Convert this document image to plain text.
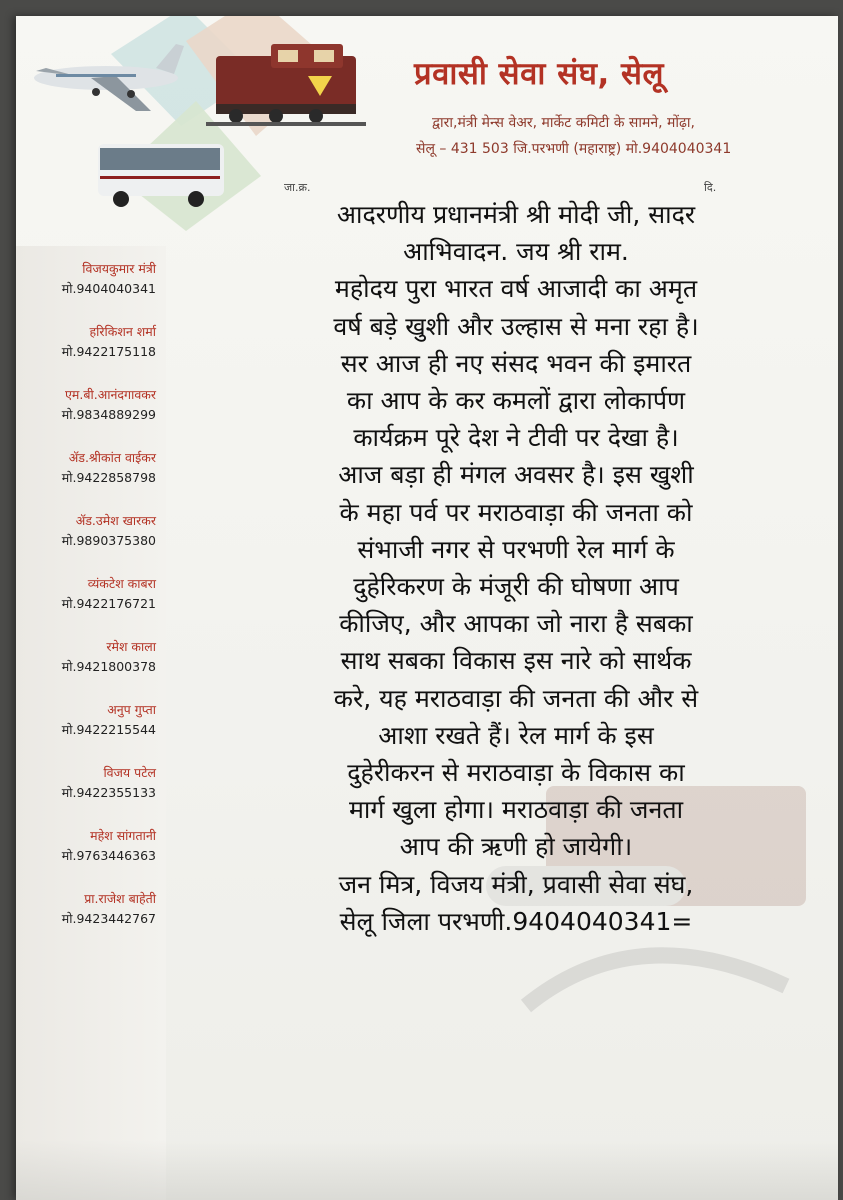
प्रवासी सेवा संघ, सेलू
द्वारा,मंत्री मेन्स वेअर, मार्केट कमिटी के सामने, मोंढ़ा,
सेलू – 431 503 जि.परभणी (महाराष्ट्र) मो.9404040341
जा.क्र.	दि.
विजयकुमार मंत्री
मो.9404040341
हरिकिशन शर्मा
मो.9422175118
एम.बी.आनंदगावकर
मो.9834889299
ॲड.श्रीकांत वाईकर
मो.9422858798
ॲड.उमेश खारकर
मो.9890375380
व्यंकटेश काबरा
मो.9422176721
रमेश काला
मो.9421800378
अनुप गुप्ता
मो.9422215544
विजय पटेल
मो.9422355133
महेश सांगतानी
मो.9763446363
प्रा.राजेश बाहेती
मो.9423442767
आदरणीय प्रधानमंत्री श्री मोदी जी, सादर
आभिवादन. जय श्री राम.
महोदय पुरा भारत वर्ष आजादी का अमृत
वर्ष बड़े खुशी और उल्हास से मना रहा है।
सर आज ही नए संसद भवन की इमारत
का आप के कर कमलों द्वारा लोकार्पण
कार्यक्रम पूरे देश ने टीवी पर देखा है।
आज बड़ा ही मंगल अवसर है। इस खुशी
के महा पर्व पर मराठवाड़ा की जनता को
संभाजी नगर से परभणी रेल मार्ग के
दुहेरिकरण के मंजूरी की घोषणा आप
कीजिए, और आपका जो नारा है सबका
साथ सबका विकास इस नारे को सार्थक
करे, यह मराठवाड़ा की जनता की और से
आशा रखते हैं। रेल मार्ग के इस
दुहेरीकरन से मराठवाड़ा के विकास का
मार्ग खुला होगा। मराठवाड़ा की जनता
आप की ऋणी हो जायेगी।
जन मित्र, विजय मंत्री, प्रवासी सेवा संघ,
सेलू जिला परभणी.9404040341=
